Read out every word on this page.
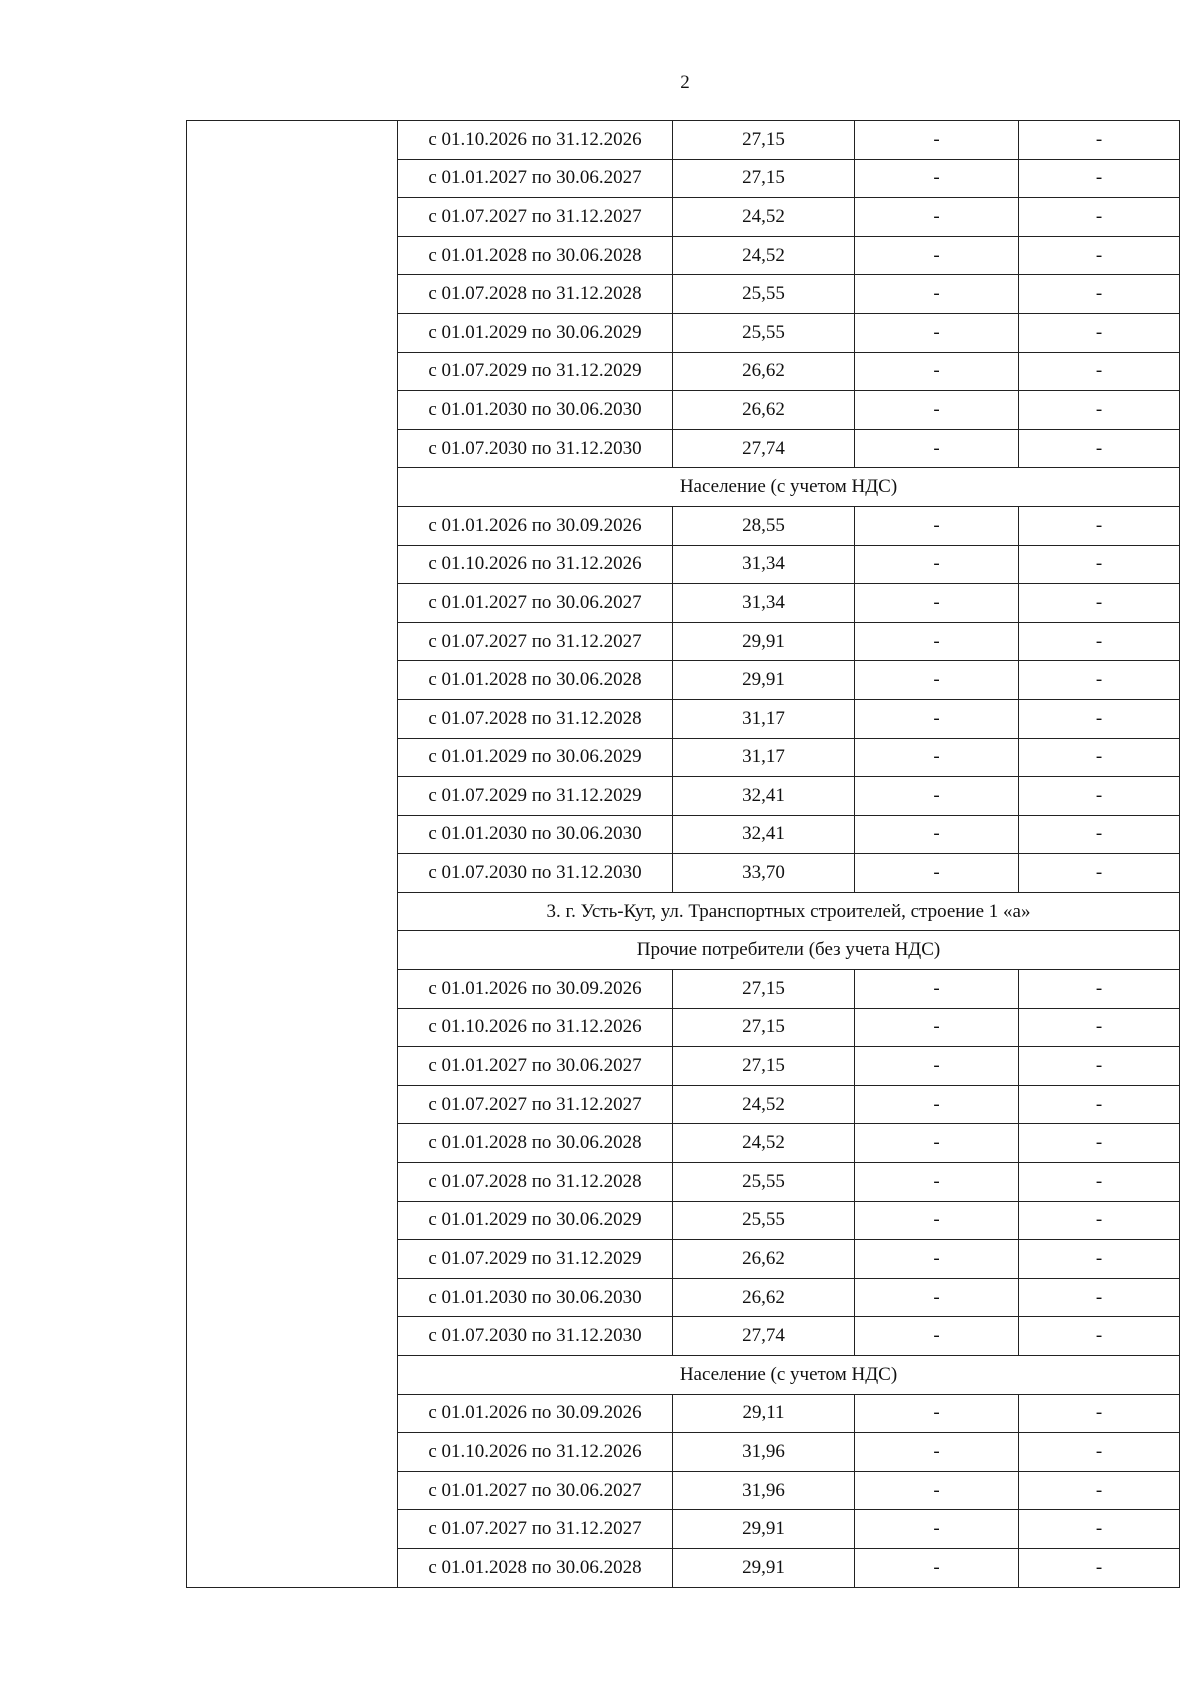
2
	с 01.10.2026 по 31.12.2026	27,15	-	-
	с 01.01.2027 по 30.06.2027	27,15	-	-
	с 01.07.2027 по 31.12.2027	24,52	-	-
	с 01.01.2028 по 30.06.2028	24,52	-	-
	с 01.07.2028 по 31.12.2028	25,55	-	-
	с 01.01.2029 по 30.06.2029	25,55	-	-
	с 01.07.2029 по 31.12.2029	26,62	-	-
	с 01.01.2030 по 30.06.2030	26,62	-	-
	с 01.07.2030 по 31.12.2030	27,74	-	-
	Население (с учетом НДС)			
	с 01.01.2026 по 30.09.2026	28,55	-	-
	с 01.10.2026 по 31.12.2026	31,34	-	-
	с 01.01.2027 по 30.06.2027	31,34	-	-
	с 01.07.2027 по 31.12.2027	29,91	-	-
	с 01.01.2028 по 30.06.2028	29,91	-	-
	с 01.07.2028 по 31.12.2028	31,17	-	-
	с 01.01.2029 по 30.06.2029	31,17	-	-
	с 01.07.2029 по 31.12.2029	32,41	-	-
	с 01.01.2030 по 30.06.2030	32,41	-	-
	с 01.07.2030 по 31.12.2030	33,70	-	-
	3. г. Усть-Кут, ул. Транспортных строителей, строение 1 «а»			
	Прочие потребители (без учета НДС)			
	с 01.01.2026 по 30.09.2026	27,15	-	-
	с 01.10.2026 по 31.12.2026	27,15	-	-
	с 01.01.2027 по 30.06.2027	27,15	-	-
	с 01.07.2027 по 31.12.2027	24,52	-	-
	с 01.01.2028 по 30.06.2028	24,52	-	-
	с 01.07.2028 по 31.12.2028	25,55	-	-
	с 01.01.2029 по 30.06.2029	25,55	-	-
	с 01.07.2029 по 31.12.2029	26,62	-	-
	с 01.01.2030 по 30.06.2030	26,62	-	-
	с 01.07.2030 по 31.12.2030	27,74	-	-
	Население (с учетом НДС)			
	с 01.01.2026 по 30.09.2026	29,11	-	-
	с 01.10.2026 по 31.12.2026	31,96	-	-
	с 01.01.2027 по 30.06.2027	31,96	-	-
	с 01.07.2027 по 31.12.2027	29,91	-	-
	с 01.01.2028 по 30.06.2028	29,91	-	-
